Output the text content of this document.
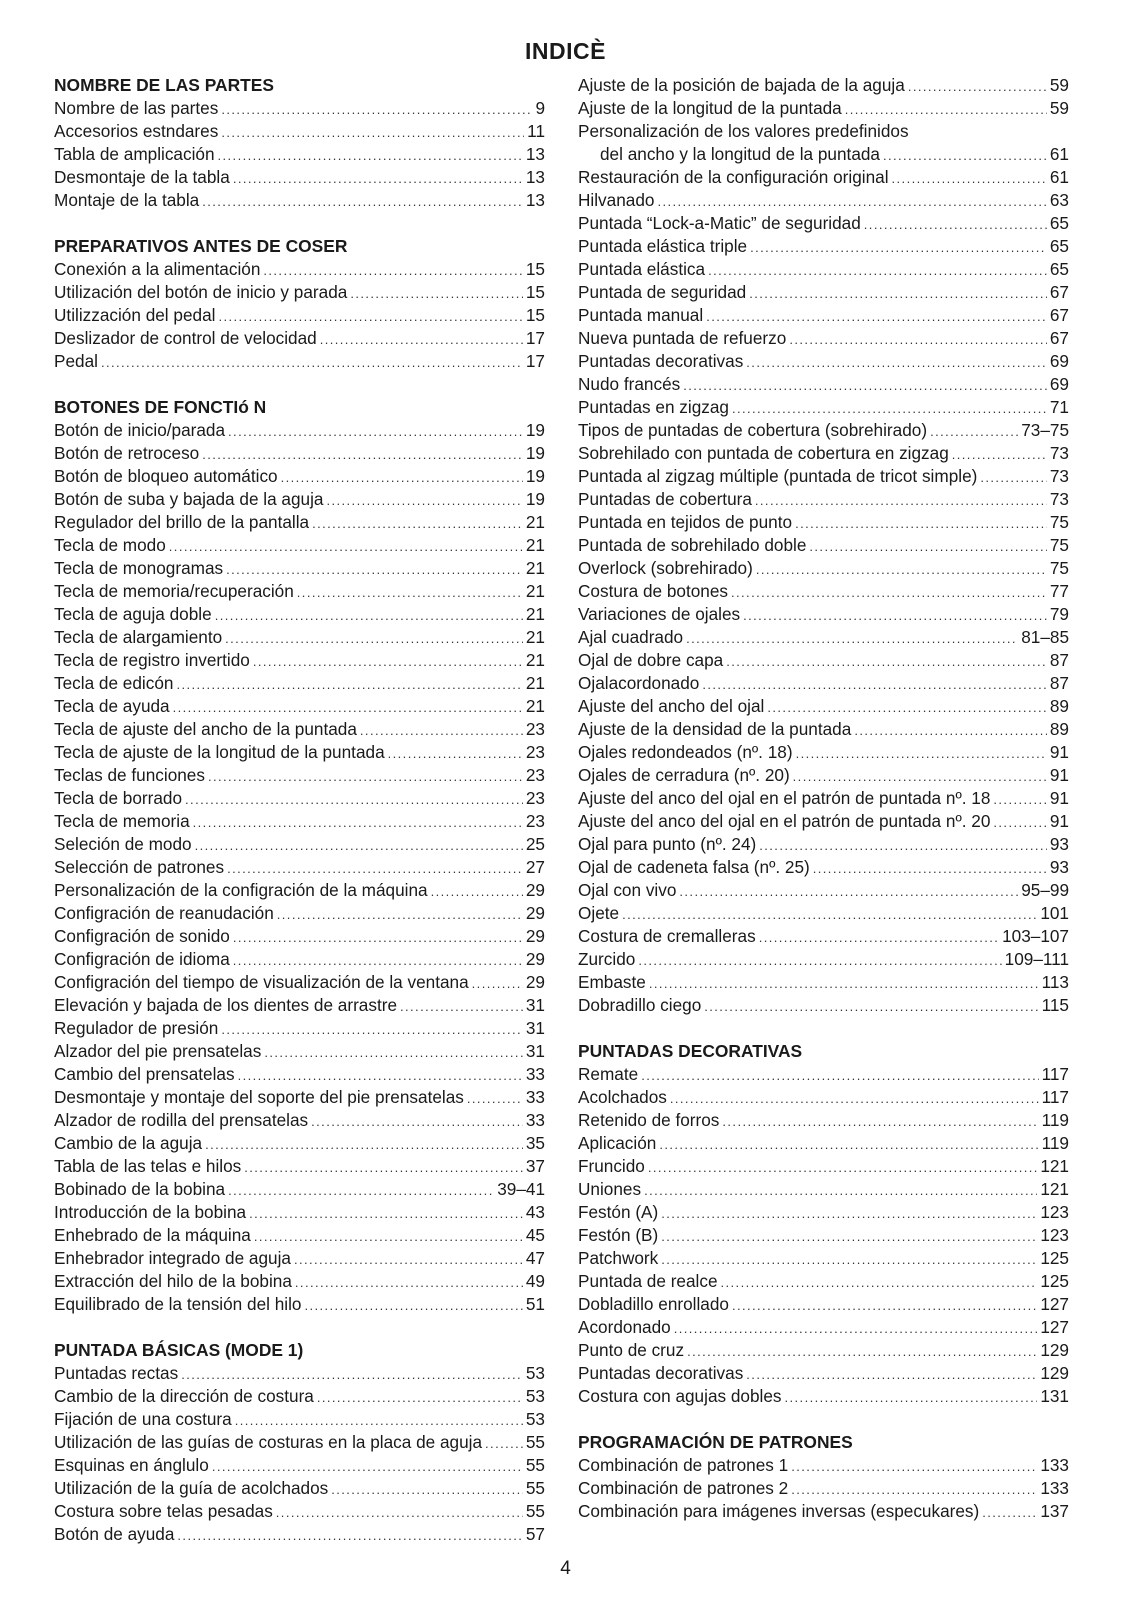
INDICÈ
NOMBRE DE LAS PARTES
Nombre de las partes .....	9
Accesorios estndares .....	11
Tabla de amplicación .....	13
Desmontaje de la tabla .....	13
Montaje de la tabla .....	13
PREPARATIVOS ANTES DE COSER
Conexión a la alimentación .....	15
Utilización del botón de inicio y parada .....	15
Utilizzación del pedal .....	15
Deslizador de control de velocidad .....	17
Pedal .....	17
BOTONES DE FONCTIó N
Botón de inicio/parada .....	19
Botón de retroceso .....	19
Botón de bloqueo automático .....	19
Botón de suba y bajada de la aguja .....	19
Regulador del brillo de la pantalla .....	21
Tecla de modo .....	21
Tecla de monogramas .....	21
Tecla de memoria/recuperación .....	21
Tecla de aguja doble .....	21
Tecla de alargamiento .....	21
Tecla de registro invertido .....	21
Tecla de edicón .....	21
Tecla de ayuda .....	21
Tecla de ajuste del ancho de la puntada .....	23
Tecla de ajuste de la longitud de la puntada .....	23
Teclas de funciones .....	23
Tecla de borrado .....	23
Tecla de memoria .....	23
Seleción de modo .....	25
Selección de patrones .....	27
Personalización de la configración de la máquina .....	29
Configración de reanudación .....	29
Configración de sonido .....	29
Configración de idioma .....	29
Configración del tiempo de visualización de la ventana .....	29
Elevación y bajada de los dientes de arrastre .....	31
Regulador de presión .....	31
Alzador del pie prensatelas .....	31
Cambio del prensatelas .....	33
Desmontaje y montaje del soporte del pie prensatelas .....	33
Alzador de rodilla del prensatelas .....	33
Cambio de la aguja .....	35
Tabla de las telas e hilos .....	37
Bobinado de la bobina .....	39–41
Introducción de la bobina .....	43
Enhebrado de la máquina .....	45
Enhebrador integrado de aguja .....	47
Extracción del hilo de la bobina .....	49
Equilibrado de la tensión del hilo .....	51
PUNTADA BÁSICAS (MODE 1)
Puntadas rectas .....	53
Cambio de la dirección de costura .....	53
Fijación de una costura .....	53
Utilización de las guías de costuras en la placa de aguja .....	55
Esquinas en ánglulo .....	55
Utilización de la guía de acolchados .....	55
Costura sobre telas pesadas .....	55
Botón de ayuda .....	57
Ajuste de la posición de bajada de la aguja .....	59
Ajuste de la longitud de la puntada .....	59
Personalización de los valores predefinidos
del ancho y la longitud de la puntada .....	61
Restauración de la configuración original .....	61
Hilvanado .....	63
Puntada “Lock-a-Matic” de seguridad .....	65
Puntada elástica triple .....	65
Puntada elástica .....	65
Puntada de seguridad .....	67
Puntada manual .....	67
Nueva puntada de refuerzo .....	67
Puntadas decorativas .....	69
Nudo francés .....	69
Puntadas en zigzag .....	71
Tipos de puntadas de cobertura (sobrehirado) .....	73–75
Sobrehilado con puntada de cobertura en zigzag .....	73
Puntada al zigzag múltiple (puntada de tricot simple) .....	73
Puntadas de cobertura .....	73
Puntada en tejidos de punto .....	75
Puntada de sobrehilado doble .....	75
Overlock (sobrehirado) .....	75
Costura de botones .....	77
Variaciones de ojales .....	79
Ajal cuadrado .....	81–85
Ojal de dobre capa .....	87
Ojalacordonado .....	87
Ajuste del ancho del ojal .....	89
Ajuste de la densidad de la puntada .....	89
Ojales redondeados (nº. 18) .....	91
Ojales de cerradura (nº. 20) .....	91
Ajuste del anco del ojal en el patrón de puntada nº. 18 .....	91
Ajuste del anco del ojal en el patrón de puntada nº. 20 .....	91
Ojal para punto (nº. 24) .....	93
Ojal de cadeneta falsa (nº. 25) .....	93
Ojal con vivo .....	95–99
Ojete .....	101
Costura de cremalleras .....	103–107
Zurcido .....	109–111
Embaste .....	113
Dobradillo ciego .....	115
PUNTADAS DECORATIVAS
Remate .....	117
Acolchados .....	117
Retenido de forros .....	119
Aplicación .....	119
Fruncido .....	121
Uniones .....	121
Festón (A) .....	123
Festón (B) .....	123
Patchwork .....	125
Puntada de realce .....	125
Dobladillo enrollado .....	127
Acordonado .....	127
Punto de cruz .....	129
Puntadas decorativas .....	129
Costura con agujas dobles .....	131
PROGRAMACIÓN DE PATRONES
Combinación de patrones 1 .....	133
Combinación de patrones 2 .....	133
Combinación para imágenes inversas (especukares) .....	137
4
